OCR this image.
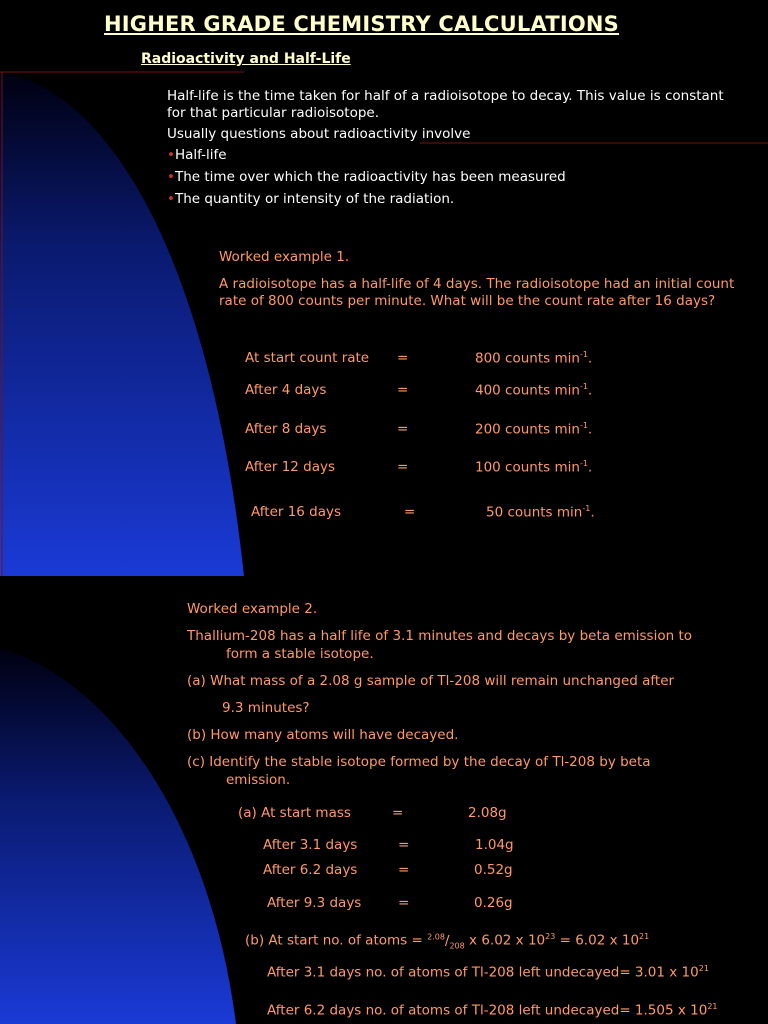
HIGHER GRADE CHEMISTRY CALCULATIONS
Radioactivity and Half-Life

Half-life is the time taken for half of a radioisotope to decay. This value is constant for that particular radioisotope.

Usually questions about radioactivity involve

•Half-life

•The time over which the radioactivity has been measured

•The quantity or intensity of the radiation.

Worked example 1.

A radioisotope has a half-life of 4 days. The radioisotope had an initial count rate of 800 counts per minute. What will be the count rate after 16 days?

At start count rate =	800 counts $\min^{-1}$.
After 4 days	=	400 counts $\min^{-1}$.
After 8 days	=	200 counts $\min^{-1}$.
After 12 days	=	100 counts $\min^{-1}$.
After 16 days	=	50 counts $\min^{-1}$.

Worked example 2.

Thallium-208 has a half life of 3.1 minutes and decays by beta emission to
form a stable isotope.

(a) What mass of a 2.08 g sample of Tl-208 will remain unchanged after

9.3 minutes?

(b) How many atoms will have decayed.

(c) Identify the stable isotope formed by the decay of Tl-208 by beta
emission.

(a) At start mass	=	2.08g
After 3.1 days	=	1.04g
After 6.2 days	=	0.52g
After 9.3 days	=	0.26g
(b) At start no. of atoms = $^{2.08}/_{208}$ x 6.02 x $10^{23} = 6.02$ x $10^{21}$
After 3.1 days no. of atoms of Tl-208 left undecayed= 3.01 x $10^{21}$
After 6.2 days no. of atoms of Tl-208 left undecayed= 1.505 x $10^{21}$
